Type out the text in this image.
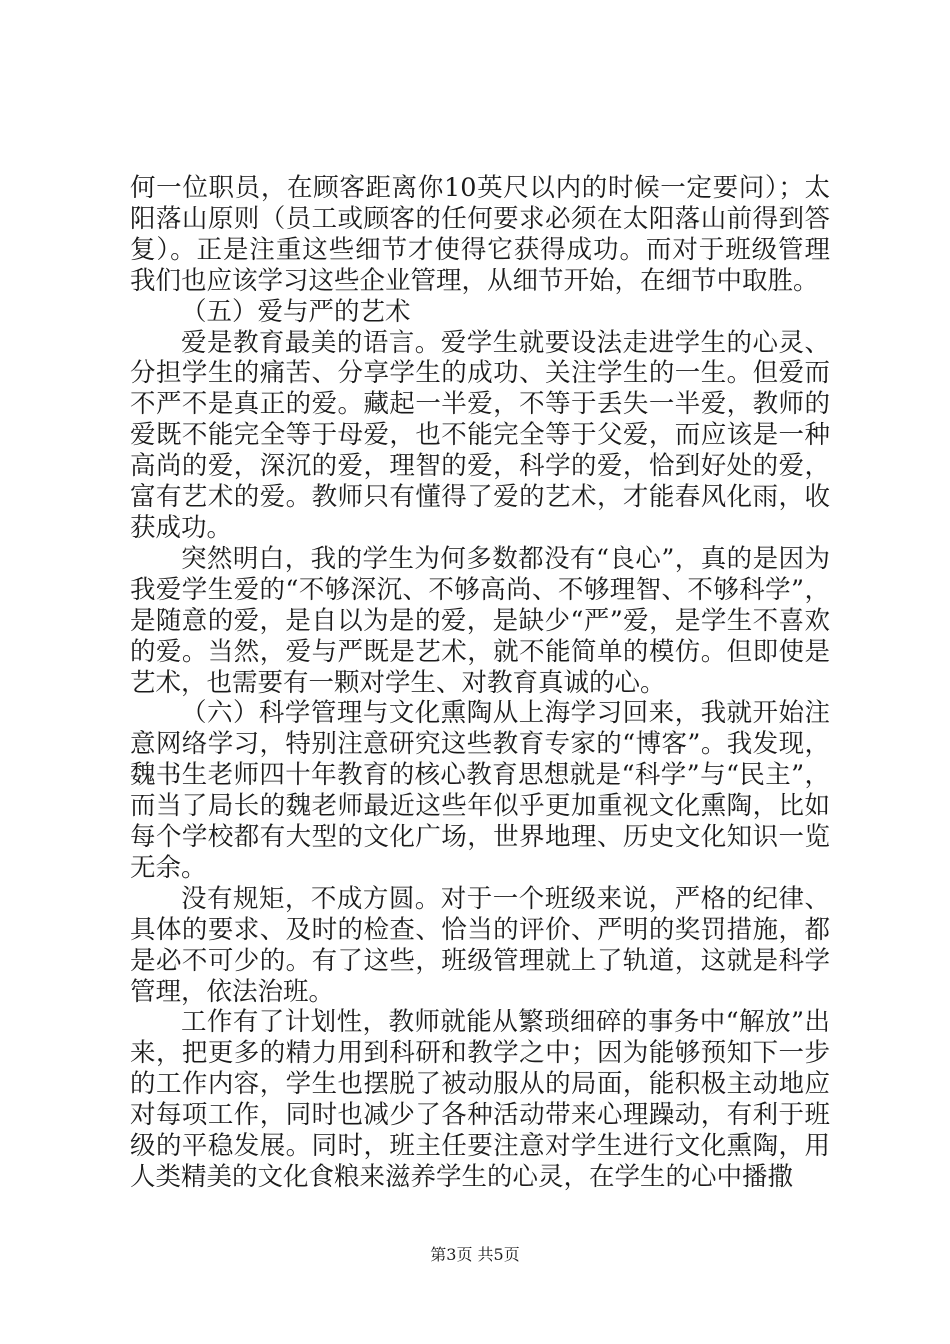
何一位职员，在顾客距离你10英尺以内的时候一定要问）；太阳落山原则（员工或顾客的任何要求必须在太阳落山前得到答复）。正是注重这些细节才使得它获得成功。而对于班级管理我们也应该学习这些企业管理，从细节开始，在细节中取胜。

（五）爱与严的艺术

爱是教育最美的语言。爱学生就要设法走进学生的心灵、分担学生的痛苦、分享学生的成功、关注学生的一生。但爱而不严不是真正的爱。藏起一半爱，不等于丢失一半爱，教师的爱既不能完全等于母爱，也不能完全等于父爱，而应该是一种高尚的爱，深沉的爱，理智的爱，科学的爱，恰到好处的爱，富有艺术的爱。教师只有懂得了爱的艺术，才能春风化雨，收获成功。

突然明白，我的学生为何多数都没有“良心”，真的是因为我爱学生爱的“不够深沉、不够高尚、不够理智、不够科学”，是随意的爱，是自以为是的爱，是缺少“严”爱，是学生不喜欢的爱。当然，爱与严既是艺术，就不能简单的模仿。但即使是艺术，也需要有一颗对学生、对教育真诚的心。

（六）科学管理与文化熏陶从上海学习回来，我就开始注意网络学习，特别注意研究这些教育专家的“博客”。我发现，魏书生老师四十年教育的核心教育思想就是“科学”与“民主”，而当了局长的魏老师最近这些年似乎更加重视文化熏陶，比如每个学校都有大型的文化广场，世界地理、历史文化知识一览无余。

没有规矩，不成方圆。对于一个班级来说，严格的纪律、具体的要求、及时的检查、恰当的评价、严明的奖罚措施，都是必不可少的。有了这些，班级管理就上了轨道，这就是科学管理，依法治班。

工作有了计划性，教师就能从繁琐细碎的事务中“解放”出来，把更多的精力用到科研和教学之中；因为能够预知下一步的工作内容，学生也摆脱了被动服从的局面，能积极主动地应对每项工作，同时也减少了各种活动带来心理躁动，有利于班级的平稳发展。同时，班主任要注意对学生进行文化熏陶，用人类精美的文化食粮来滋养学生的心灵，在学生的心中播撒

第3页 共5页
